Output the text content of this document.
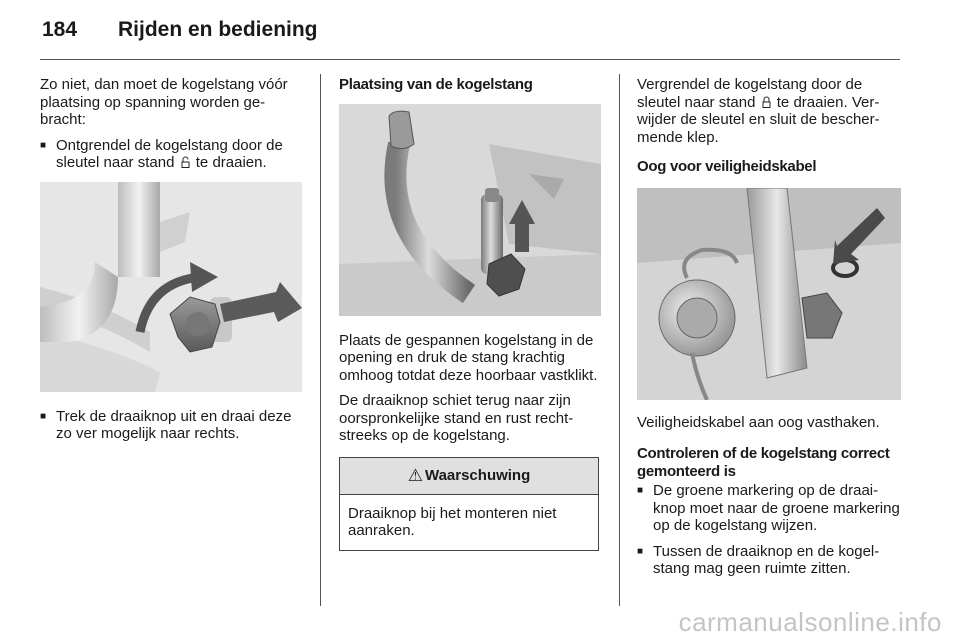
184	Rijden en bediening

Zo niet, dan moet de kogelstang vóór plaatsing op spanning worden gebracht:

■ Ontgrendel de kogelstang door de sleutel naar stand te draaien.
■ Trek de draaiknop uit en draai deze zo ver mogelijk naar rechts.
Plaatsing van de kogelstang

Plaats de gespannen kogelstang in de opening en druk de stang krachtig omhoog totdat deze hoorbaar vastklikt.

De draaiknop schiet terug naar zijn oorspronkelijke stand en rust rechtstreeks op de kogelstang.

⚠ Waarschuwing
Draaiknop bij het monteren niet aanraken.

Vergrendel de kogelstang door de sleutel naar stand te draaien. Verwijder de sleutel en sluit de beschermende klep.

Oog voor veiligheidskabel

Veiligheidskabel aan oog vasthaken.

Controleren of de kogelstang correct gemonteerd is
■ De groene markering op de draaiknop moet naar de groene markering op de kogelstang wijzen.
■ Tussen de draaiknop en de kogelstang mag geen ruimte zitten.
carmanualsonline.info
